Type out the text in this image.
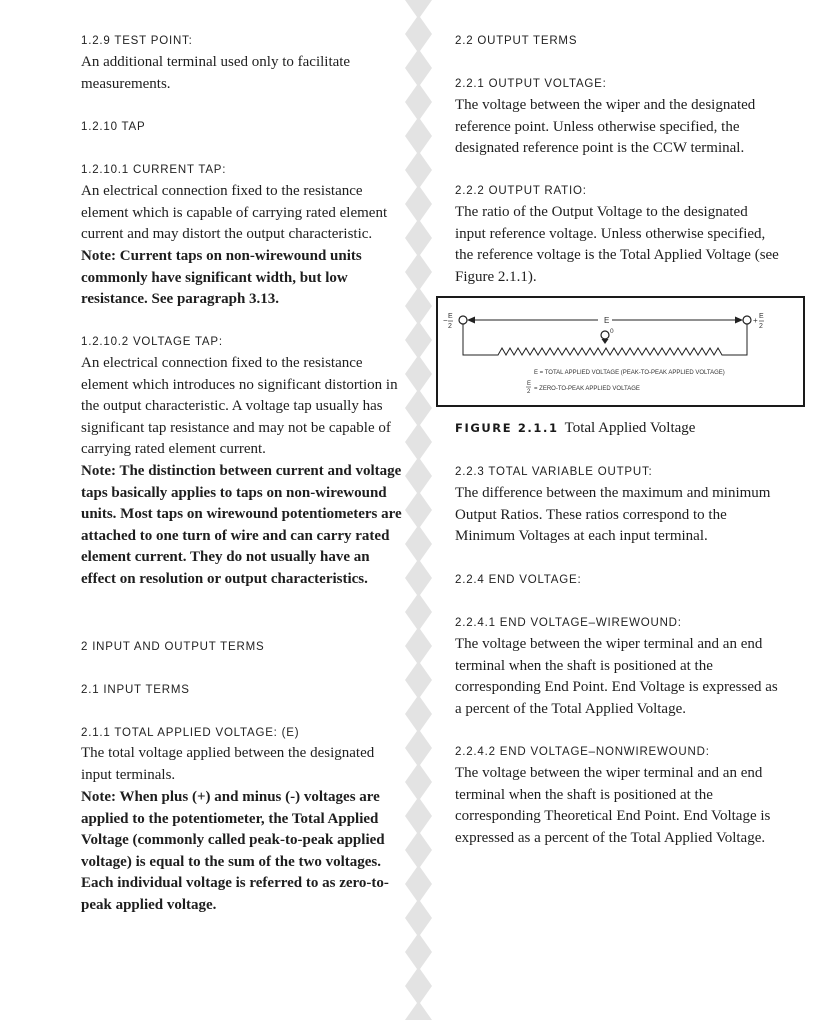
1.2.9 TEST POINT:

An additional terminal used only to facilitate measurements.

1.2.10 TAP

1.2.10.1 CURRENT TAP:

An electrical connection fixed to the resistance element which is capable of carrying rated element current and may distort the output characteristic.

Note: Current taps on non-wirewound units commonly have significant width, but low resistance. See paragraph 3.13.

1.2.10.2 VOLTAGE TAP:

An electrical connection fixed to the resistance element which introduces no significant distortion in the output characteristic. A voltage tap usually has significant tap resistance and may not be capable of carrying rated element current.

Note: The distinction between current and voltage taps basically applies to taps on non-wirewound units. Most taps on wirewound potentiometers are attached to one turn of wire and can carry rated element current. They do not usually have an effect on resolution or output characteristics.

2 INPUT AND OUTPUT TERMS

2.1 INPUT TERMS

2.1.1 TOTAL APPLIED VOLTAGE: (E)

The total voltage applied between the designated input terminals.

Note: When plus (+) and minus (-) voltages are applied to the potentiometer, the Total Applied Voltage (commonly called peak-to-peak applied voltage) is equal to the sum of the two voltages. Each individual voltage is referred to as zero-to-peak applied voltage.

2.2 OUTPUT TERMS

2.2.1 OUTPUT VOLTAGE:

The voltage between the wiper and the designated reference point. Unless otherwise specified, the designated reference point is the CCW terminal.

2.2.2 OUTPUT RATIO:

The ratio of the Output Voltage to the designated input reference voltage. Unless otherwise specified, the reference voltage is the Total Applied Voltage (see Figure 2.1.1).

2.2.3 TOTAL VARIABLE OUTPUT:

The difference between the maximum and minimum Output Ratios. These ratios correspond to the Minimum Voltages at each input terminal.

2.2.4 END VOLTAGE:

2.2.4.1 END VOLTAGE–WIREWOUND:

The voltage between the wiper terminal and an end terminal when the shaft is positioned at the corresponding End Point. End Voltage is expressed as a percent of the Total Applied Voltage.

2.2.4.2 END VOLTAGE–NONWIREWOUND:

The voltage between the wiper terminal and an end terminal when the shaft is positioned at the corresponding Theoretical End Point. End Voltage is expressed as a percent of the Total Applied Voltage.

− E
2
E	+ E
2
0
E = TOTAL APPLIED VOLTAGE (PEAK-TO-PEAK APPLIED VOLTAGE)
E
2 = ZERO-TO-PEAK APPLIED VOLTAGE
FIGURE 2.1.1 Total Applied Voltage
